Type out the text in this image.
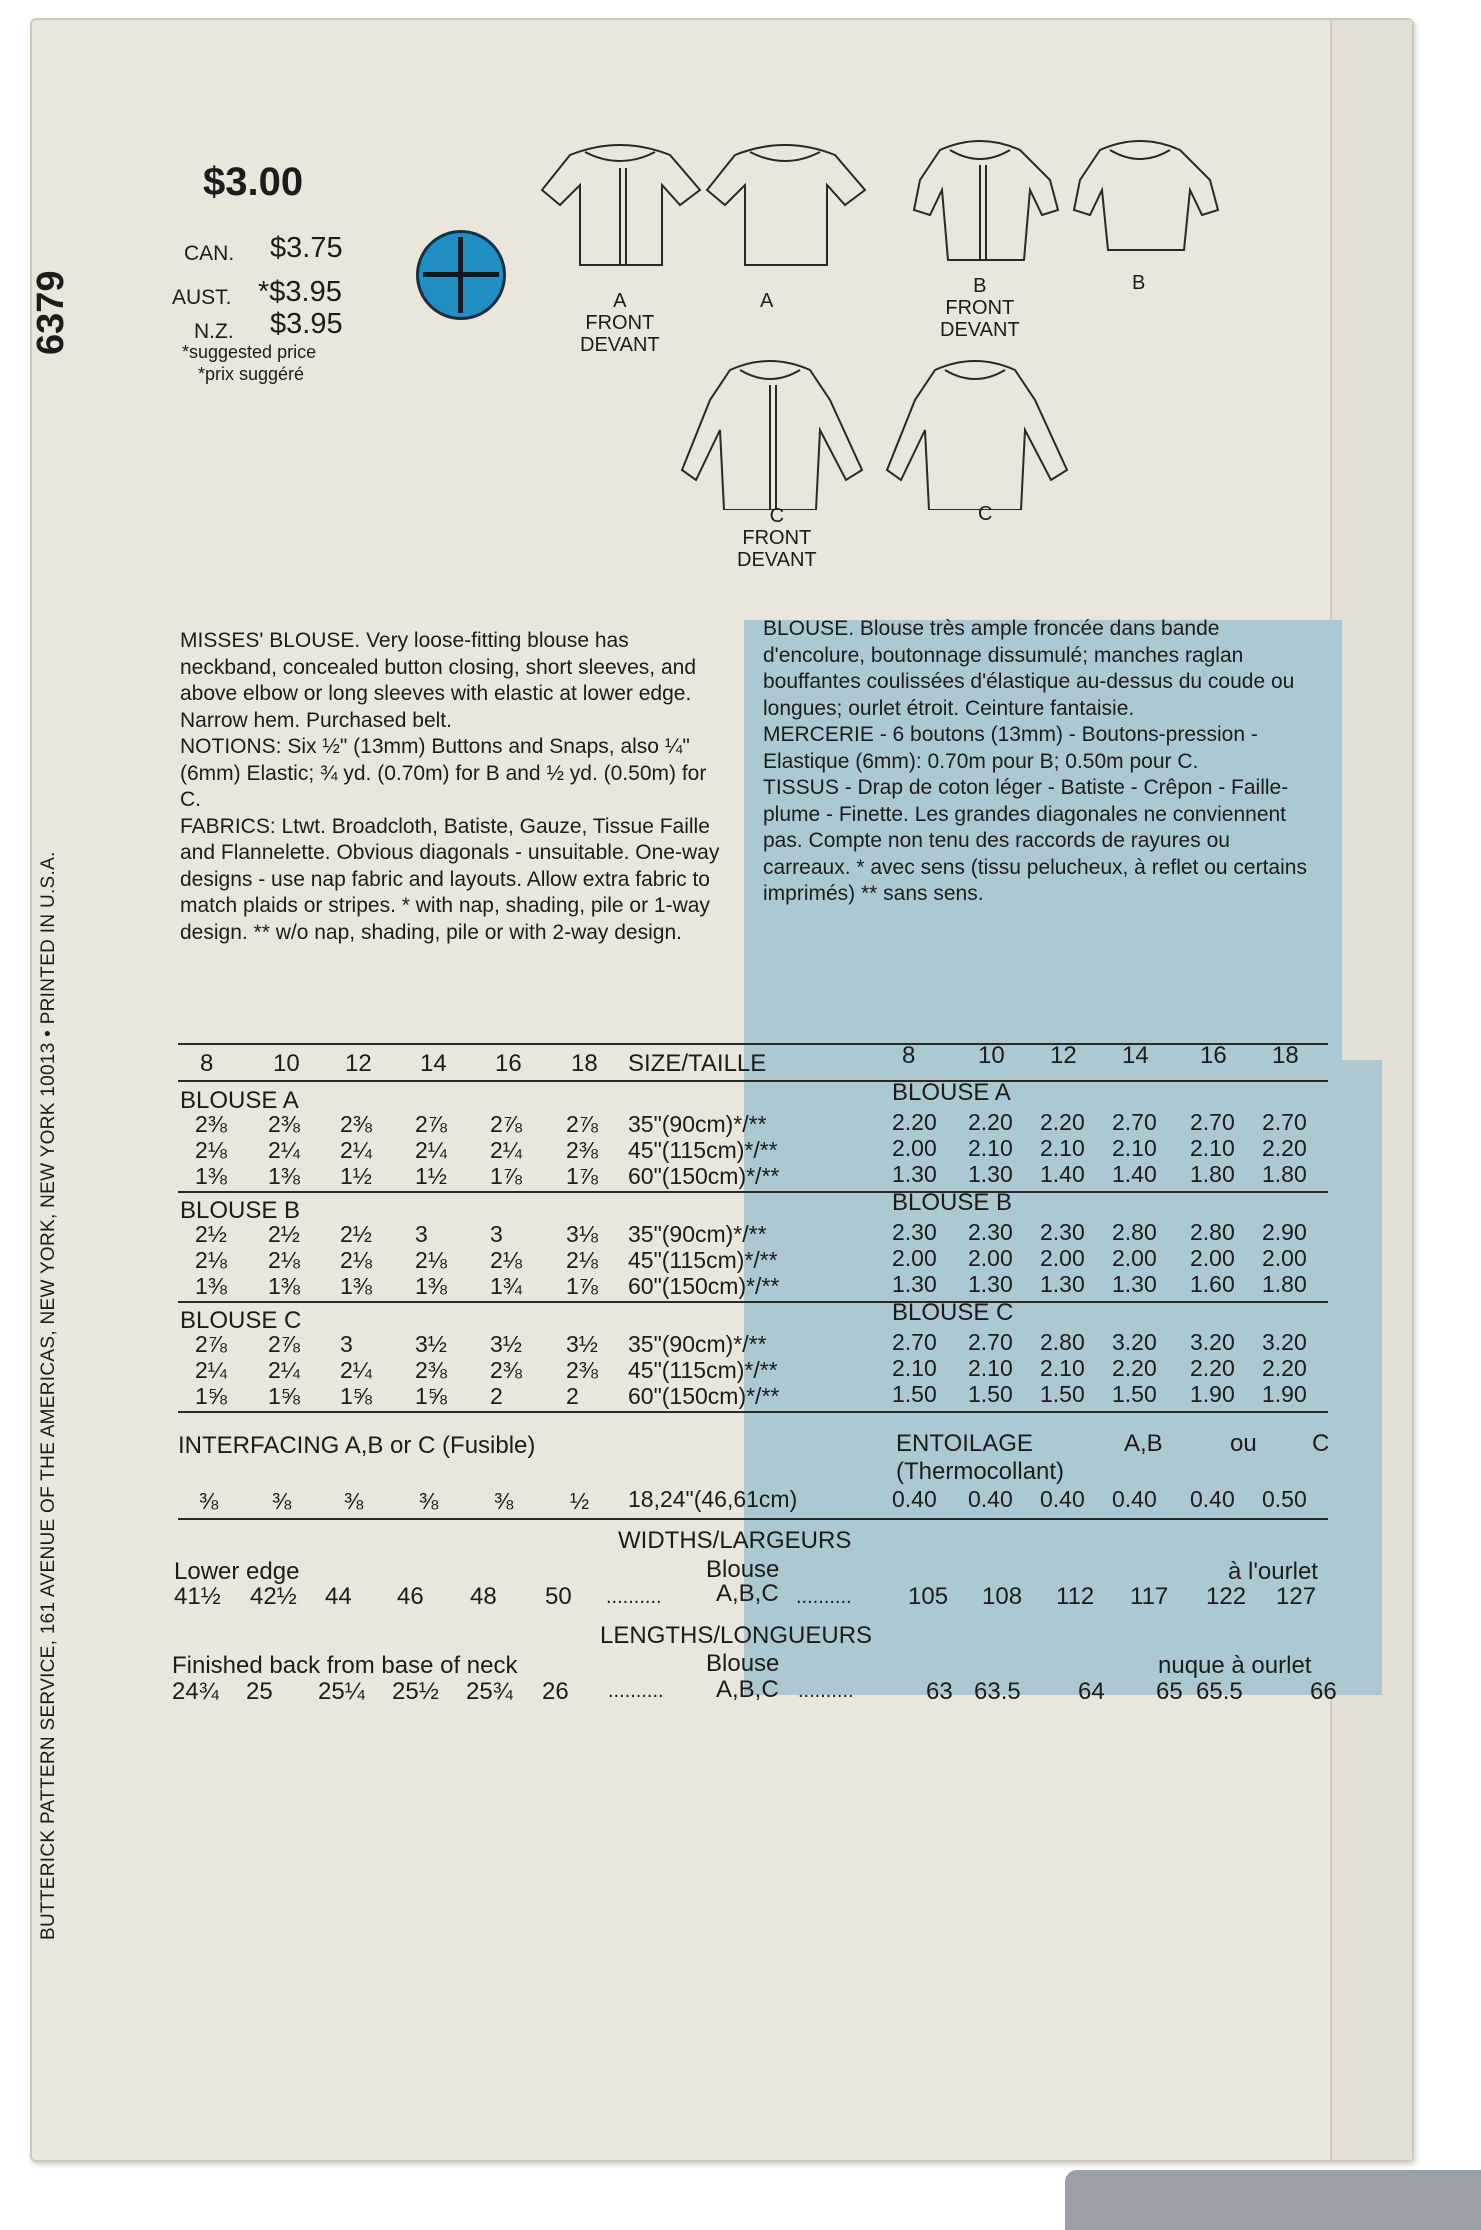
6379
BUTTERICK PATTERN SERVICE, 161 AVENUE OF THE AMERICAS, NEW YORK, NEW YORK 10013 • PRINTED IN U.S.A.
$3.00
CAN. $3.75
AUST. *$3.95
N.Z. $3.95
*suggested price
*prix suggéré
A
FRONT
DEVANT
A
B
FRONT
DEVANT
B
C
FRONT
DEVANT
C
MISSES' BLOUSE. Very loose-fitting blouse has neckband, concealed button closing, short sleeves, and above elbow or long sleeves with elastic at lower edge. Narrow hem. Purchased belt.
NOTIONS: Six ½" (13mm) Buttons and Snaps, also ¼" (6mm) Elastic; ¾ yd. (0.70m) for B and ½ yd. (0.50m) for C.
FABRICS: Ltwt. Broadcloth, Batiste, Gauze, Tissue Faille and Flannelette. Obvious diagonals - unsuitable. One-way designs - use nap fabric and layouts. Allow extra fabric to match plaids or stripes. * with nap, shading, pile or 1-way design. ** w/o nap, shading, pile or with 2-way design.
BLOUSE. Blouse très ample froncée dans bande d'encolure, boutonnage dissumulé; manches raglan bouffantes coulissées d'élastique au-dessus du coude ou longues; ourlet étroit. Ceinture fantaisie.
MERCERIE - 6 boutons (13mm) - Boutons-pression - Elastique (6mm): 0.70m pour B; 0.50m pour C.
TISSUS - Drap de coton léger - Batiste - Crêpon - Faille-plume - Finette. Les grandes diagonales ne conviennent pas. Compte non tenu des raccords de rayures ou carreaux. * avec sens (tissu pelucheux, à reflet ou certains imprimés) ** sans sens.
8 10 12 14 16 18 SIZE/TAILLE	8	10 12 14 16 18
BLOUSE A	BLOUSE A
2⅜ 2⅜ 2⅜ 2⅞ 2⅞ 2⅞ 35"(90cm)*/**	2.20 2.20 2.20 2.70 2.70 2.70
2⅛ 2¼ 2¼ 2¼ 2¼ 2⅜ 45"(115cm)*/**	2.00 2.10 2.10 2.10 2.10 2.20
1⅜ 1⅜ 1½ 1½ 1⅞ 1⅞ 60"(150cm)*/**	1.30 1.30 1.40 1.40 1.80 1.80
BLOUSE B	BLOUSE B
2½ 2½ 2½ 3	3	3⅛ 35"(90cm)*/**	2.30 2.30 2.30 2.80 2.80 2.90
2⅛ 2⅛ 2⅛ 2⅛ 2⅛ 2⅛ 45"(115cm)*/**	2.00 2.00 2.00 2.00 2.00 2.00
1⅜ 1⅜ 1⅜ 1⅜ 1¾ 1⅞ 60"(150cm)*/**	1.30 1.30 1.30 1.30 1.60 1.80
BLOUSE C	BLOUSE C
2⅞ 2⅞ 3	3½ 3½ 3½ 35"(90cm)*/**	2.70 2.70 2.80 3.20 3.20 3.20
2¼ 2¼ 2¼ 2⅜ 2⅜ 2⅜ 45"(115cm)*/**	2.10 2.10 2.10 2.20 2.20 2.20
1⅝ 1⅝ 1⅝ 1⅝ 2	2 60"(150cm)*/**	1.50 1.50 1.50 1.50 1.90 1.90
INTERFACING A,B or C (Fusible)	ENTOILAGE	A,B	ou C
(Thermocollant)
⅜ ⅜ ⅜ ⅜ ⅜ ½ 18,24"(46,61cm)	0.40 0.40 0.40 0.40 0.40 0.50
WIDTHS/LARGEURS
Lower edge	Blouse
A,B,C
à l'ourlet
41½ 42½ 44 46 48 50	105 108 112 117 122 127
..........	..........
LENGTHS/LONGUEURS
Finished back from base of neck	Blouse
A,B,C
nuque à ourlet
24¾ 25 25¼ 25½ 25¾ 26	63 63.5 64 65 65.5	66
..........	..........
